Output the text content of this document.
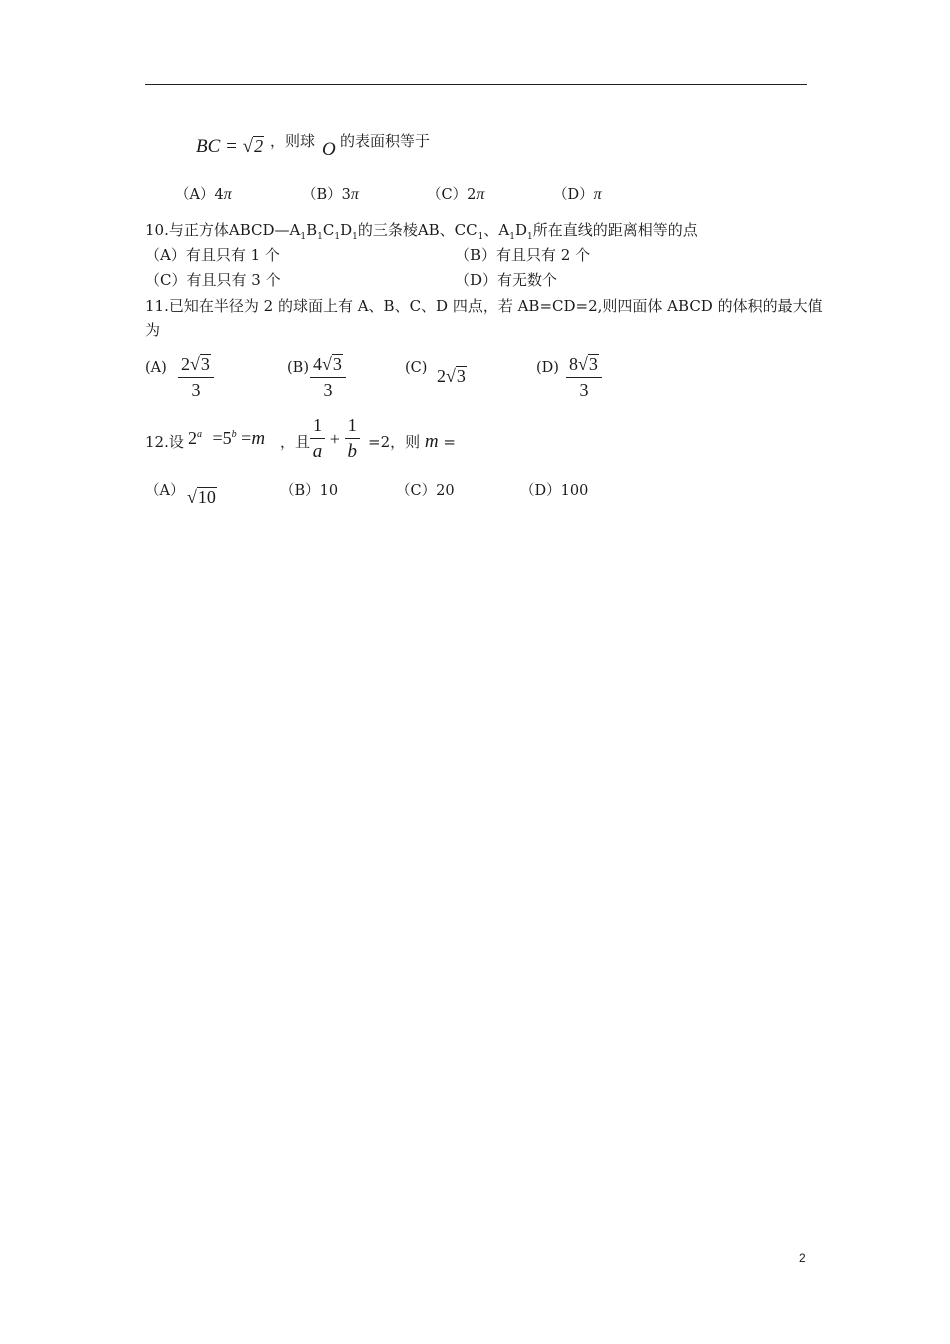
BC = √2 ，则球 O 的表面积等于
（A）4π	（B）3π	（C）2π	（D）π
10.与正方体$ABCD—A_1B_1C_1D_1$的三条棱AB、$CC_1$、$A_1D_1$所在直线的距离相等的点
（A）有且只有 1 个	（B）有且只有 2 个
（C）有且只有 3 个	（D）有无数个
11.已知在半径为 2 的球面上有 A、B、C、D 四点，若 AB=CD=2,则四面体 ABCD 的体积的最大值
为
$(A) \frac{2√3}{3}$	$(B) \frac{4√3}{3}$	(C) 2√3	$(D) \frac{8√3}{3}$
12.设 $2^a =5^b =m$ ，且 $\frac{1}{a} + \frac{1}{b} =2$，则 m =
（A） √10	（B）10	（C）20	（D）100
2
